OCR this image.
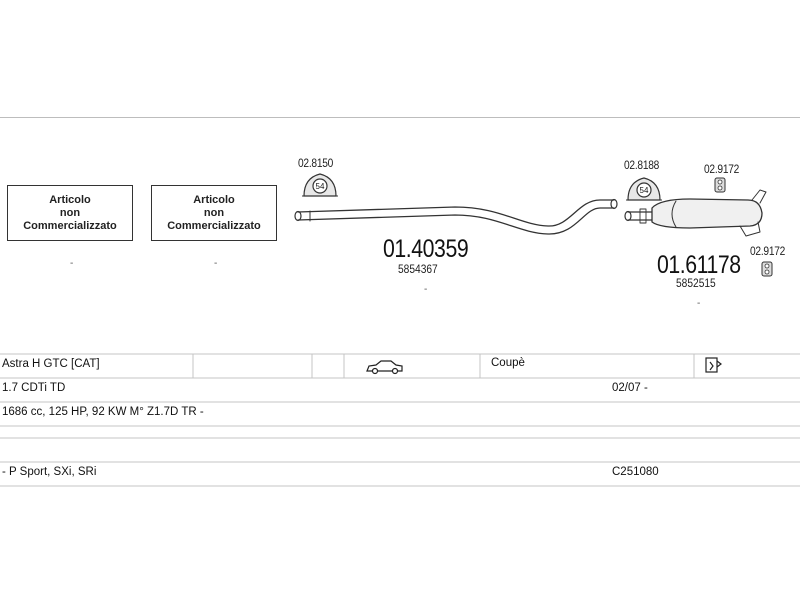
Articolo
non
Commercializzato
Articolo
non
Commercializzato
-	-
54	54
02.8150	02.8188	02.9172
02.9172
01.40359
5854367
-
01.61178
5852515
-
Astra H GTC [CAT]	Coupè
1.7 CDTi TD	02/07 -
1686 cc, 125 HP, 92 KW M° Z1.7D TR -
- P Sport, SXi, SRi	C251080
